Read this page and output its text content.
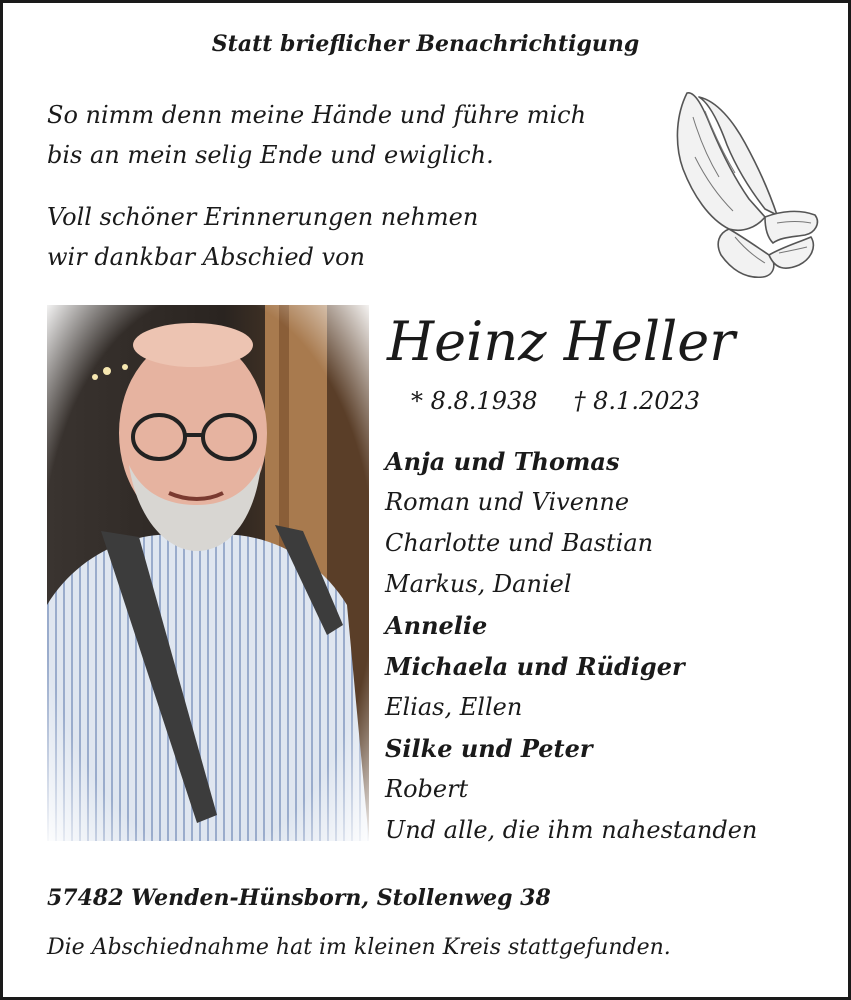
Statt brieflicher Benachrichtigung
So nimm denn meine Hände und führe mich
bis an mein selig Ende und ewiglich.
Voll schöner Erinnerungen nehmen
wir dankbar Abschied von
Heinz Heller
* 8.8.1938 † 8.1.2023
Anja und Thomas
Roman und Vivenne
Charlotte und Bastian
Markus, Daniel
Annelie
Michaela und Rüdiger
Elias, Ellen
Silke und Peter
Robert
Und alle, die ihm nahestanden
57482 Wenden-Hünsborn, Stollenweg 38
Die Abschiednahme hat im kleinen Kreis stattgefunden.
